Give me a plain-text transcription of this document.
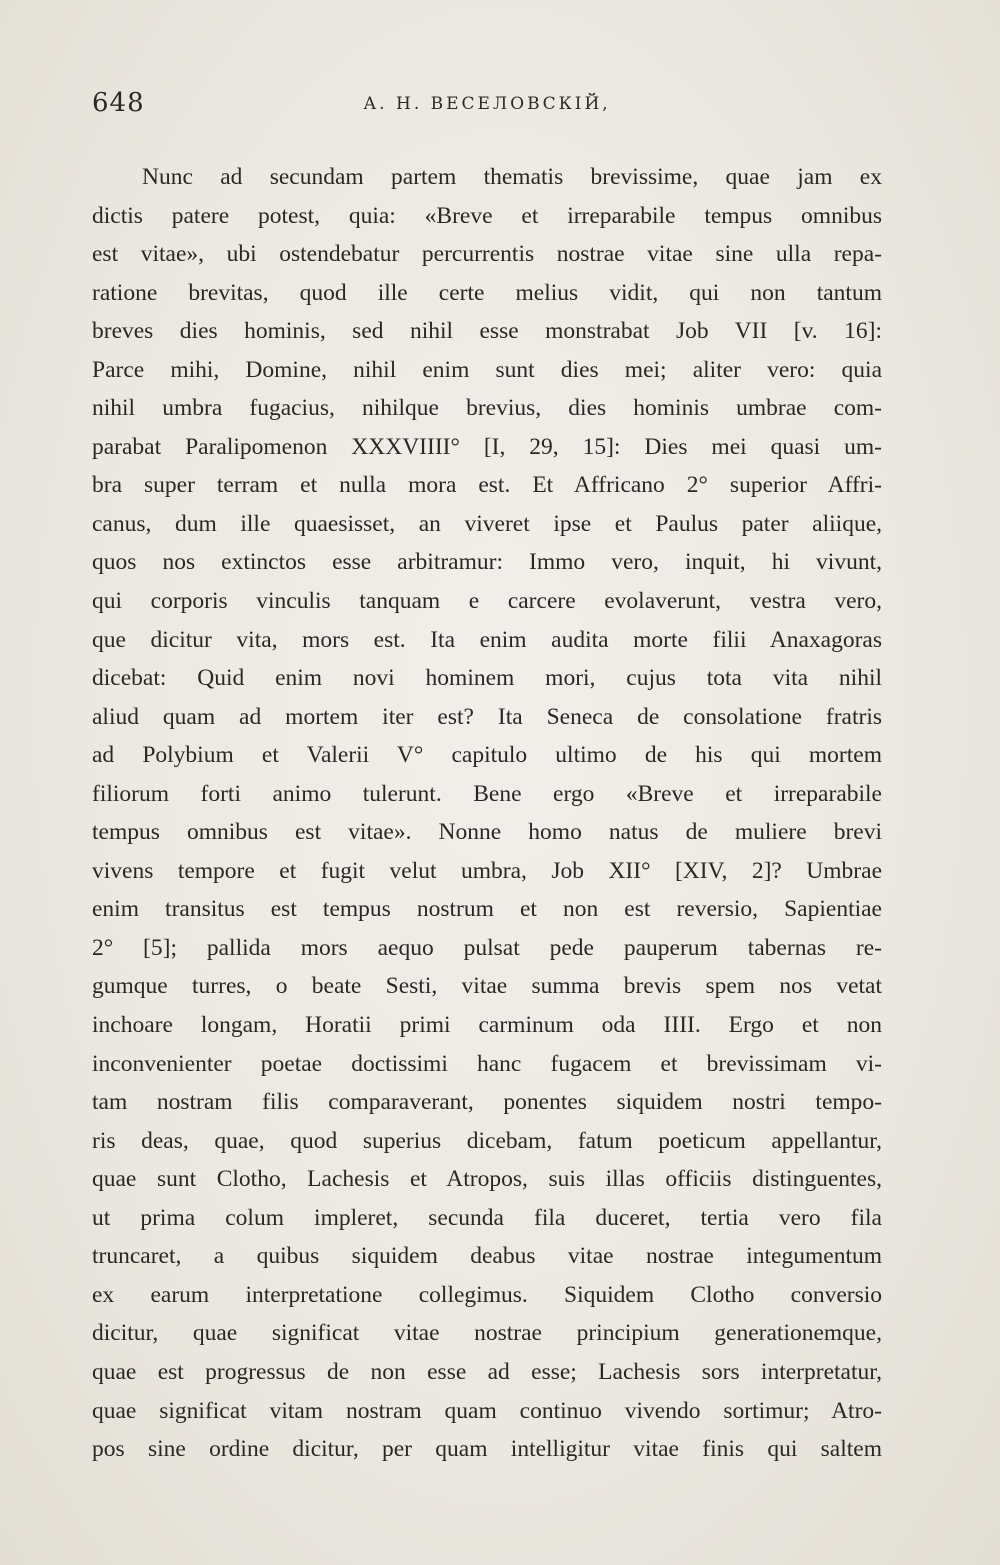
648	А. Н. ВЕСЕЛОВСКIЙ,
Nunc ad secundam partem thematis brevissime, quae jam ex
dictis patere potest, quia: «Breve et irreparabile tempus omnibus
est vitae», ubi ostendebatur percurrentis nostrae vitae sine ulla repa-
ratione brevitas, quod ille certe melius vidit, qui non tantum
breves dies hominis, sed nihil esse monstrabat Job VII [v. 16]:
Parce mihi, Domine, nihil enim sunt dies mei; aliter vero: quia
nihil umbra fugacius, nihilque brevius, dies hominis umbrae com-
parabat Paralipomenon XXXVIIII° [I, 29, 15]: Dies mei quasi um-
bra super terram et nulla mora est. Et Affricano 2° superior Affri-
canus, dum ille quaesisset, an viveret ipse et Paulus pater aliique,
quos nos extinctos esse arbitramur: Immo vero, inquit, hi vivunt,
qui corporis vinculis tanquam e carcere evolaverunt, vestra vero,
que dicitur vita, mors est. Ita enim audita morte filii Anaxagoras
dicebat: Quid enim novi hominem mori, cujus tota vita nihil
aliud quam ad mortem iter est? Ita Seneca de consolatione fratris
ad Polybium et Valerii V° capitulo ultimo de his qui mortem
filiorum forti animo tulerunt. Bene ergo «Breve et irreparabile
tempus omnibus est vitae». Nonne homo natus de muliere brevi
vivens tempore et fugit velut umbra, Job XII° [XIV, 2]? Umbrae
enim transitus est tempus nostrum et non est reversio, Sapientiae
2° [5]; pallida mors aequo pulsat pede pauperum tabernas re-
gumque turres, o beate Sesti, vitae summa brevis spem nos vetat
inchoare longam, Horatii primi carminum oda IIII. Ergo et non
inconvenienter poetae doctissimi hanc fugacem et brevissimam vi-
tam nostram filis comparaverant, ponentes siquidem nostri tempo-
ris deas, quae, quod superius dicebam, fatum poeticum appellantur,
quae sunt Clotho, Lachesis et Atropos, suis illas officiis distinguentes,
ut prima colum impleret, secunda fila duceret, tertia vero fila
truncaret, a quibus siquidem deabus vitae nostrae integumentum
ex earum interpretatione collegimus. Siquidem Clotho conversio
dicitur, quae significat vitae nostrae principium generationemque,
quae est progressus de non esse ad esse; Lachesis sors interpretatur,
quae significat vitam nostram quam continuo vivendo sortimur; Atro-
pos sine ordine dicitur, per quam intelligitur vitae finis qui saltem
